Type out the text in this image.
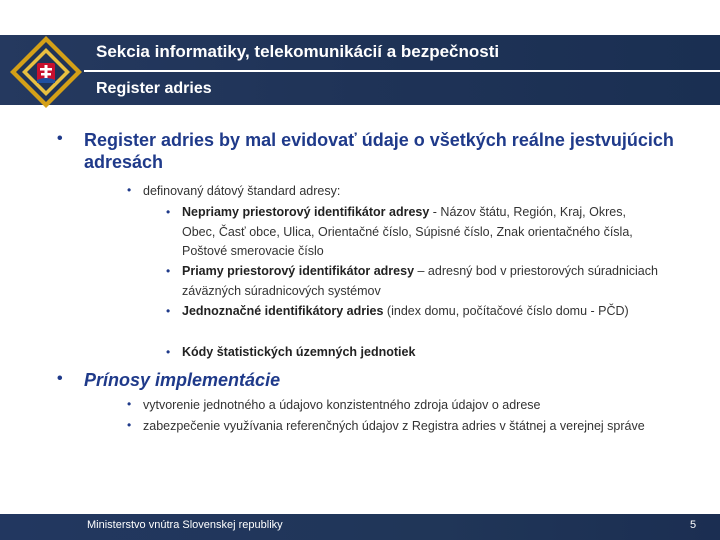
Sekcia informatiky, telekomunikácií a bezpečnosti
Register adries
• Register adries by mal evidovať údaje o všetkých reálne jestvujúcich adresách
• definovaný dátový štandard adresy:
• Nepriamy priestorový identifikátor adresy - Názov štátu, Región, Kraj, Okres, Obec, Časť obce, Ulica, Orientačné číslo, Súpisné číslo, Znak orientačného čísla, Poštové smerovacie číslo
• Priamy priestorový identifikátor adresy – adresný bod v priestorových súradniciach záväzných súradnicových systémov
• Jednoznačné identifikátory adries (index domu, počítačové číslo domu - PČD)
• Kódy štatistických územných jednotiek
• Prínosy implementácie
• vytvorenie jednotného a údajovo konzistentného zdroja údajov o adrese
• zabezpečenie využívania referenčných údajov z Registra adries v štátnej a verejnej správe
Ministerstvo vnútra Slovenskej republiky	5
